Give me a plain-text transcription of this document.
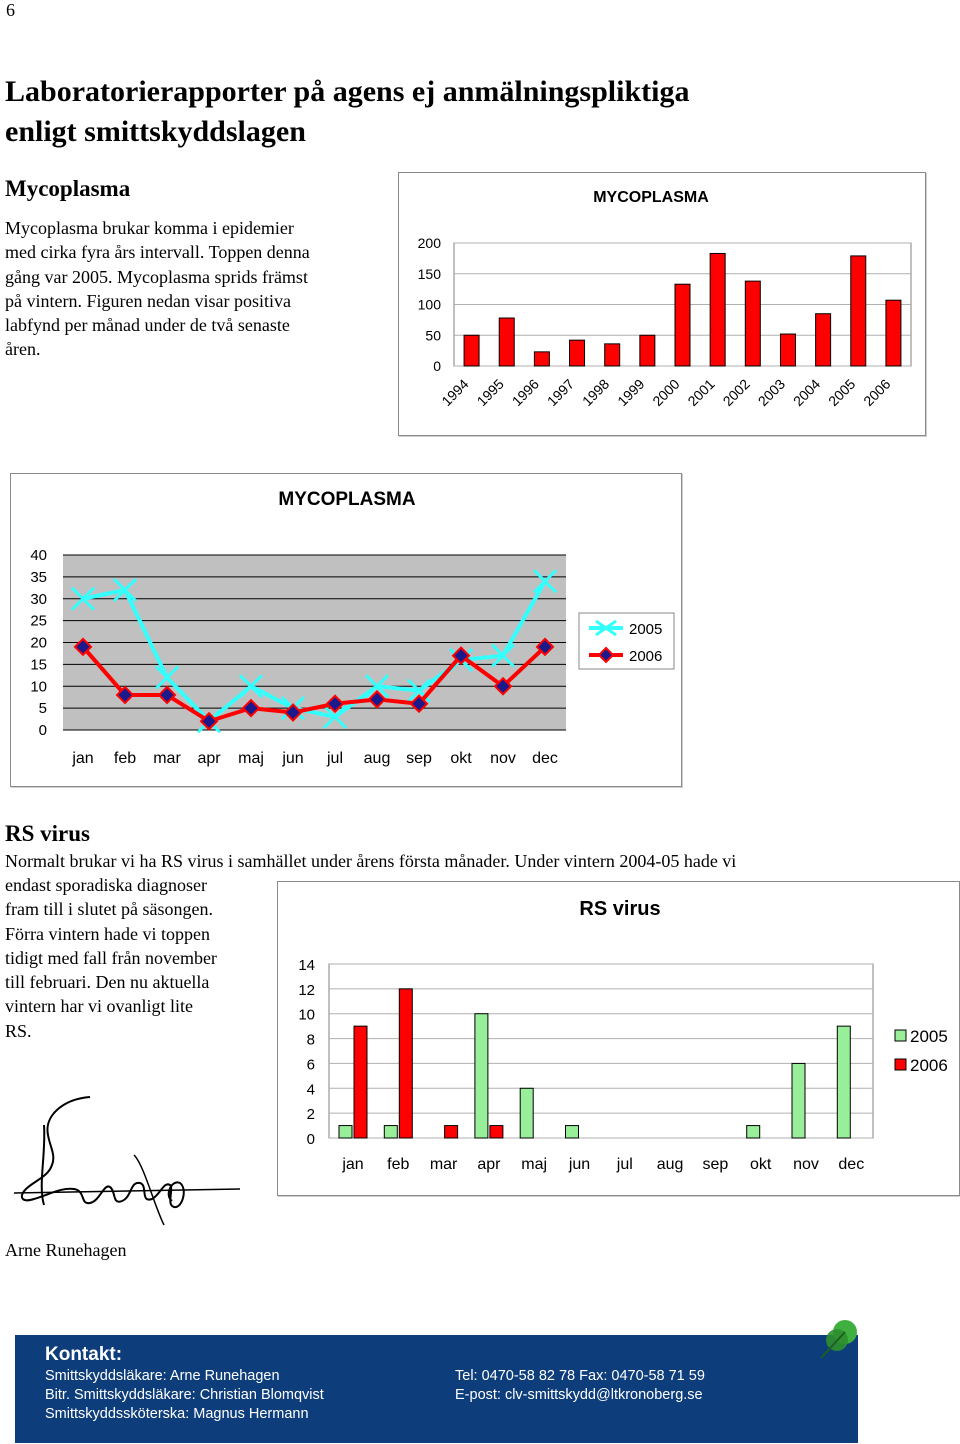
6
Laboratorierapporter på agens ej anmälningspliktiga
enligt smittskyddslagen
Mycoplasma
Mycoplasma brukar komma i epidemier
med cirka fyra års intervall. Toppen denna
gång var 2005. Mycoplasma sprids främst
på vintern. Figuren nedan visar positiva
labfynd per månad under de två senaste
åren.
MYCOPLASMA
0
50
100
150
200
1994 1995 1996 1997 1998 1999 2000 2001 2002 2003 2004 2005 2006
MYCOPLASMA
0
5
10
15
20
25
30
35
40
jan feb mar apr maj jun jul aug sep okt nov dec
2005
2006
RS virus
Normalt brukar vi ha RS virus i samhället under årens första månader. Under vintern 2004-05 hade vi
endast sporadiska diagnoser
fram till i slutet på säsongen.
Förra vintern hade vi toppen
tidigt med fall från november
till februari. Den nu aktuella
vintern har vi ovanligt lite
RS.
RS virus
0
2
4
6
8
10
12
14
jan feb mar apr maj jun jul aug sep okt nov dec
2005
2006
Arne Runehagen
Kontakt:
Smittskyddsläkare: Arne Runehagen
Bitr. Smittskyddsläkare: Christian Blomqvist
Smittskyddssköterska: Magnus Hermann
Tel: 0470-58 82 78 Fax: 0470-58 71 59
E-post: clv-smittskydd@ltkronoberg.se
